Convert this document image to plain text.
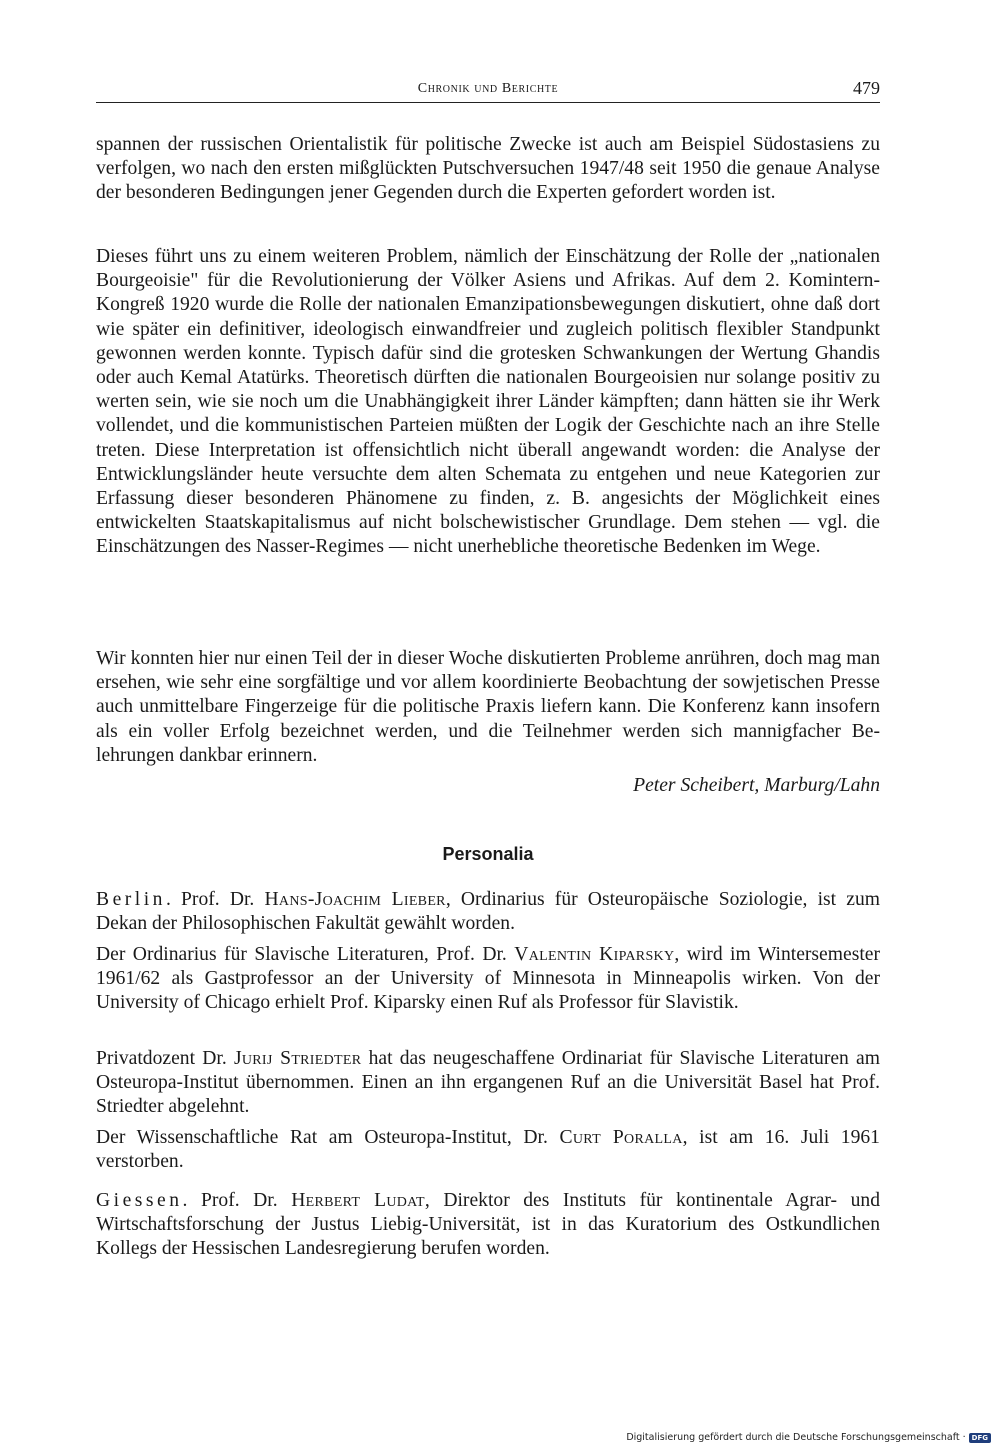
Chronik und Berichte	479

spannen der russischen Orientalistik für politische Zwecke ist auch am Beispiel Südostasiens zu verfolgen, wo nach den ersten mißglückten Putschversuchen 1947/48 seit 1950 die genaue Analyse der besonderen Bedingungen jener Gegenden durch die Experten gefordert worden ist.

Dieses führt uns zu einem weiteren Problem, nämlich der Einschätzung der Rolle der „nationalen Bourgeoisie" für die Revolutionierung der Völker Asiens und Afrikas. Auf dem 2. Komintern-Kongreß 1920 wurde die Rolle der nationalen Emanzipationsbewegungen diskutiert, ohne daß dort wie später ein definitiver, ideologisch einwandfreier und zugleich politisch flexibler Standpunkt gewonnen werden konnte. Typisch dafür sind die grotesken Schwankungen der Wertung Ghandis oder auch Kemal Atatürks. Theoretisch dürften die nationalen Bourgeoisien nur solange positiv zu werten sein, wie sie noch um die Unabhängigkeit ihrer Länder kämpften; dann hätten sie ihr Werk vollendet, und die kommunistischen Parteien müßten der Logik der Geschichte nach an ihre Stelle treten. Diese Interpretation ist offensichtlich nicht überall angewandt worden: die Analyse der Entwicklungsländer heute versuchte dem alten Schemata zu entgehen und neue Kategorien zur Erfassung dieser besonderen Phänomene zu finden, z. B. angesichts der Möglichkeit eines entwickelten Staatskapitalismus auf nicht bolschewistischer Grundlage. Dem stehen — vgl. die Einschätzungen des Nasser-Regimes — nicht unerhebliche theoretische Bedenken im Wege.

Wir konnten hier nur einen Teil der in dieser Woche diskutierten Probleme anrühren, doch mag man ersehen, wie sehr eine sorgfältige und vor allem koordinierte Beobachtung der sowjetischen Presse auch unmittelbare Fingerzeige für die politische Praxis liefern kann. Die Konferenz kann insofern als ein voller Erfolg bezeichnet werden, und die Teilnehmer werden sich mannigfacher Belehrungen dankbar erinnern.

Peter Scheibert, Marburg/Lahn
Personalia

Berlin. Prof. Dr. Hans-Joachim Lieber, Ordinarius für Osteuropäische Soziologie, ist zum Dekan der Philosophischen Fakultät gewählt worden.

Der Ordinarius für Slavische Literaturen, Prof. Dr. Valentin Kiparsky, wird im Wintersemester 1961/62 als Gastprofessor an der University of Minnesota in Minneapolis wirken. Von der University of Chicago erhielt Prof. Kiparsky einen Ruf als Professor für Slavistik.

Privatdozent Dr. Jurij Striedter hat das neugeschaffene Ordinariat für Slavische Literaturen am Osteuropa-Institut übernommen. Einen an ihn ergangenen Ruf an die Universität Basel hat Prof. Striedter abgelehnt.

Der Wissenschaftliche Rat am Osteuropa-Institut, Dr. Curt Poralla, ist am 16. Juli 1961 verstorben.

Giessen. Prof. Dr. Herbert Ludat, Direktor des Instituts für kontinentale Agrar- und Wirtschaftsforschung der Justus Liebig-Universität, ist in das Kuratorium des Ostkundlichen Kollegs der Hessischen Landesregierung berufen worden.

Digitalisierung gefördert durch die Deutsche Forschungsgemeinschaft · DFG
